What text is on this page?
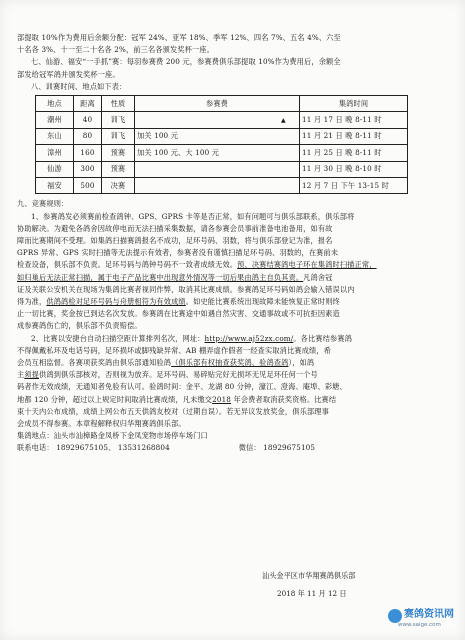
部提取 10%作为费用后余额分配：冠军 24%、亚军 18%、季军 12%、四名 7%、五名 4%、六至

十名各 3%、十一至二十名各 2%，前三名各颁发奖杯一座。

七、仙游、福安“一手抓”赛：每羽参赛费 200 元，参赛费俱乐部提取 10%作为费用后，余额全

部发给冠军鸽并颁发奖杯一座。

八、训赛时间、地点如下表：

地点	距离	性质	参赛费	集鸽时间
潮州	40	训飞	▲	11 月 17 日 晚 8-11 时
东山	80	训飞	加关 100 元	11 月 21 日 晚 8-11 时
漳州	160	预赛	加关 100 元、大 100 元	11 月 25 日 晚 8-11 时
仙游	300	预赛		11 月 30 日 晚 8-10 时
福安	500	决赛		12 月 7 日 下午 13-15 时

九、竞赛规则：

1、参赛鸽发必须赛前检查鸽钟、GPS、GPRS 卡等是否正常，如有问题可与俱乐部联系，俱乐部将

协助解决。为避免各鸽舍因故停电而无法扫描采集数据，请各参赛会员事前准备电池备用，如有故

障而比赛期间不受理。如集鸽扫描赛鸽报名不成功，足环号码、羽数，将与俱乐部登记为准，报名

GPRS 异常、GPS 实时扫描等无法提示有效者，参赛者没有谨慎扫描足环号码、羽数的，在赛前未

检查设备，俱乐部不负责。足环号码与鸽钟号码不一致者成绩无效。预、决赛结赛鸽电子环在集鸽时扫描正常，

如归巢后无法正常扫描，属于电子产品比赛中出现意外情况等一切后果由鸽主自负其责。凡鸽舍冠

证及关联公安机关在现场为集鸽比赛者视同作弊，取消其比赛成绩。参赛鸽足环号码如鸽会输入错误以内

得为准，供鸽鸽检对足环号码与舟册相符为有效成绩。如史能比赛系统出现故障未能恢复正常时则终

止一切比赛，奖金按已到达名次发放。参赛鸽在比赛途中如遇自然灾害、交通事故或不可抗拒因素造

成参赛鸽伤亡的，俱乐部不负责赔偿。

2、比赛以安捷台自动扫描空距计算排列名次，网址：http://www.aj52zx.com/。各比赛结参赛鸽

不得佩戴私环及电话号码，足环损坏或脚残缺异常、AB 棚弄虚作假者一经查实取消比赛成绩，希

会员互相监督。各赛项获奖鸽由俱乐部通知验鸽（俱乐部有权抽查获奖鸽、验鸽查鸽），如鸽

主须提供鸽到俱乐部核对，否则视为放弃。足环号码、易碎贴完好无损坏无见足环任何一个号

码者作无效成绩，无通知者免验有认可。验鸽时间：金平、龙湖 80 分钟，濠江、澄海、庵埠、彩塘、

地都 120 分钟，超过以上规定时间取消比赛成绩，凡未缴交2018 年会费者取消获奖资格。比赛结

束十天内公布成绩，成绩上网公布五天供鸽友校对（过期自误）。若无异议发放奖金，俱乐部理事

会成员不得参赛。本章程解释权归华翔赛鸽俱乐部。

集鸽地点：汕头市汕樟路金凤桥下金凤宠物市场停车场门口

联系电话： 18929675105、 13531268804	微信： 18929675105

汕头金平区市华翔赛鸽俱乐部
2018 年 11 月 12 日
赛鸽资讯网
www.saige.com
